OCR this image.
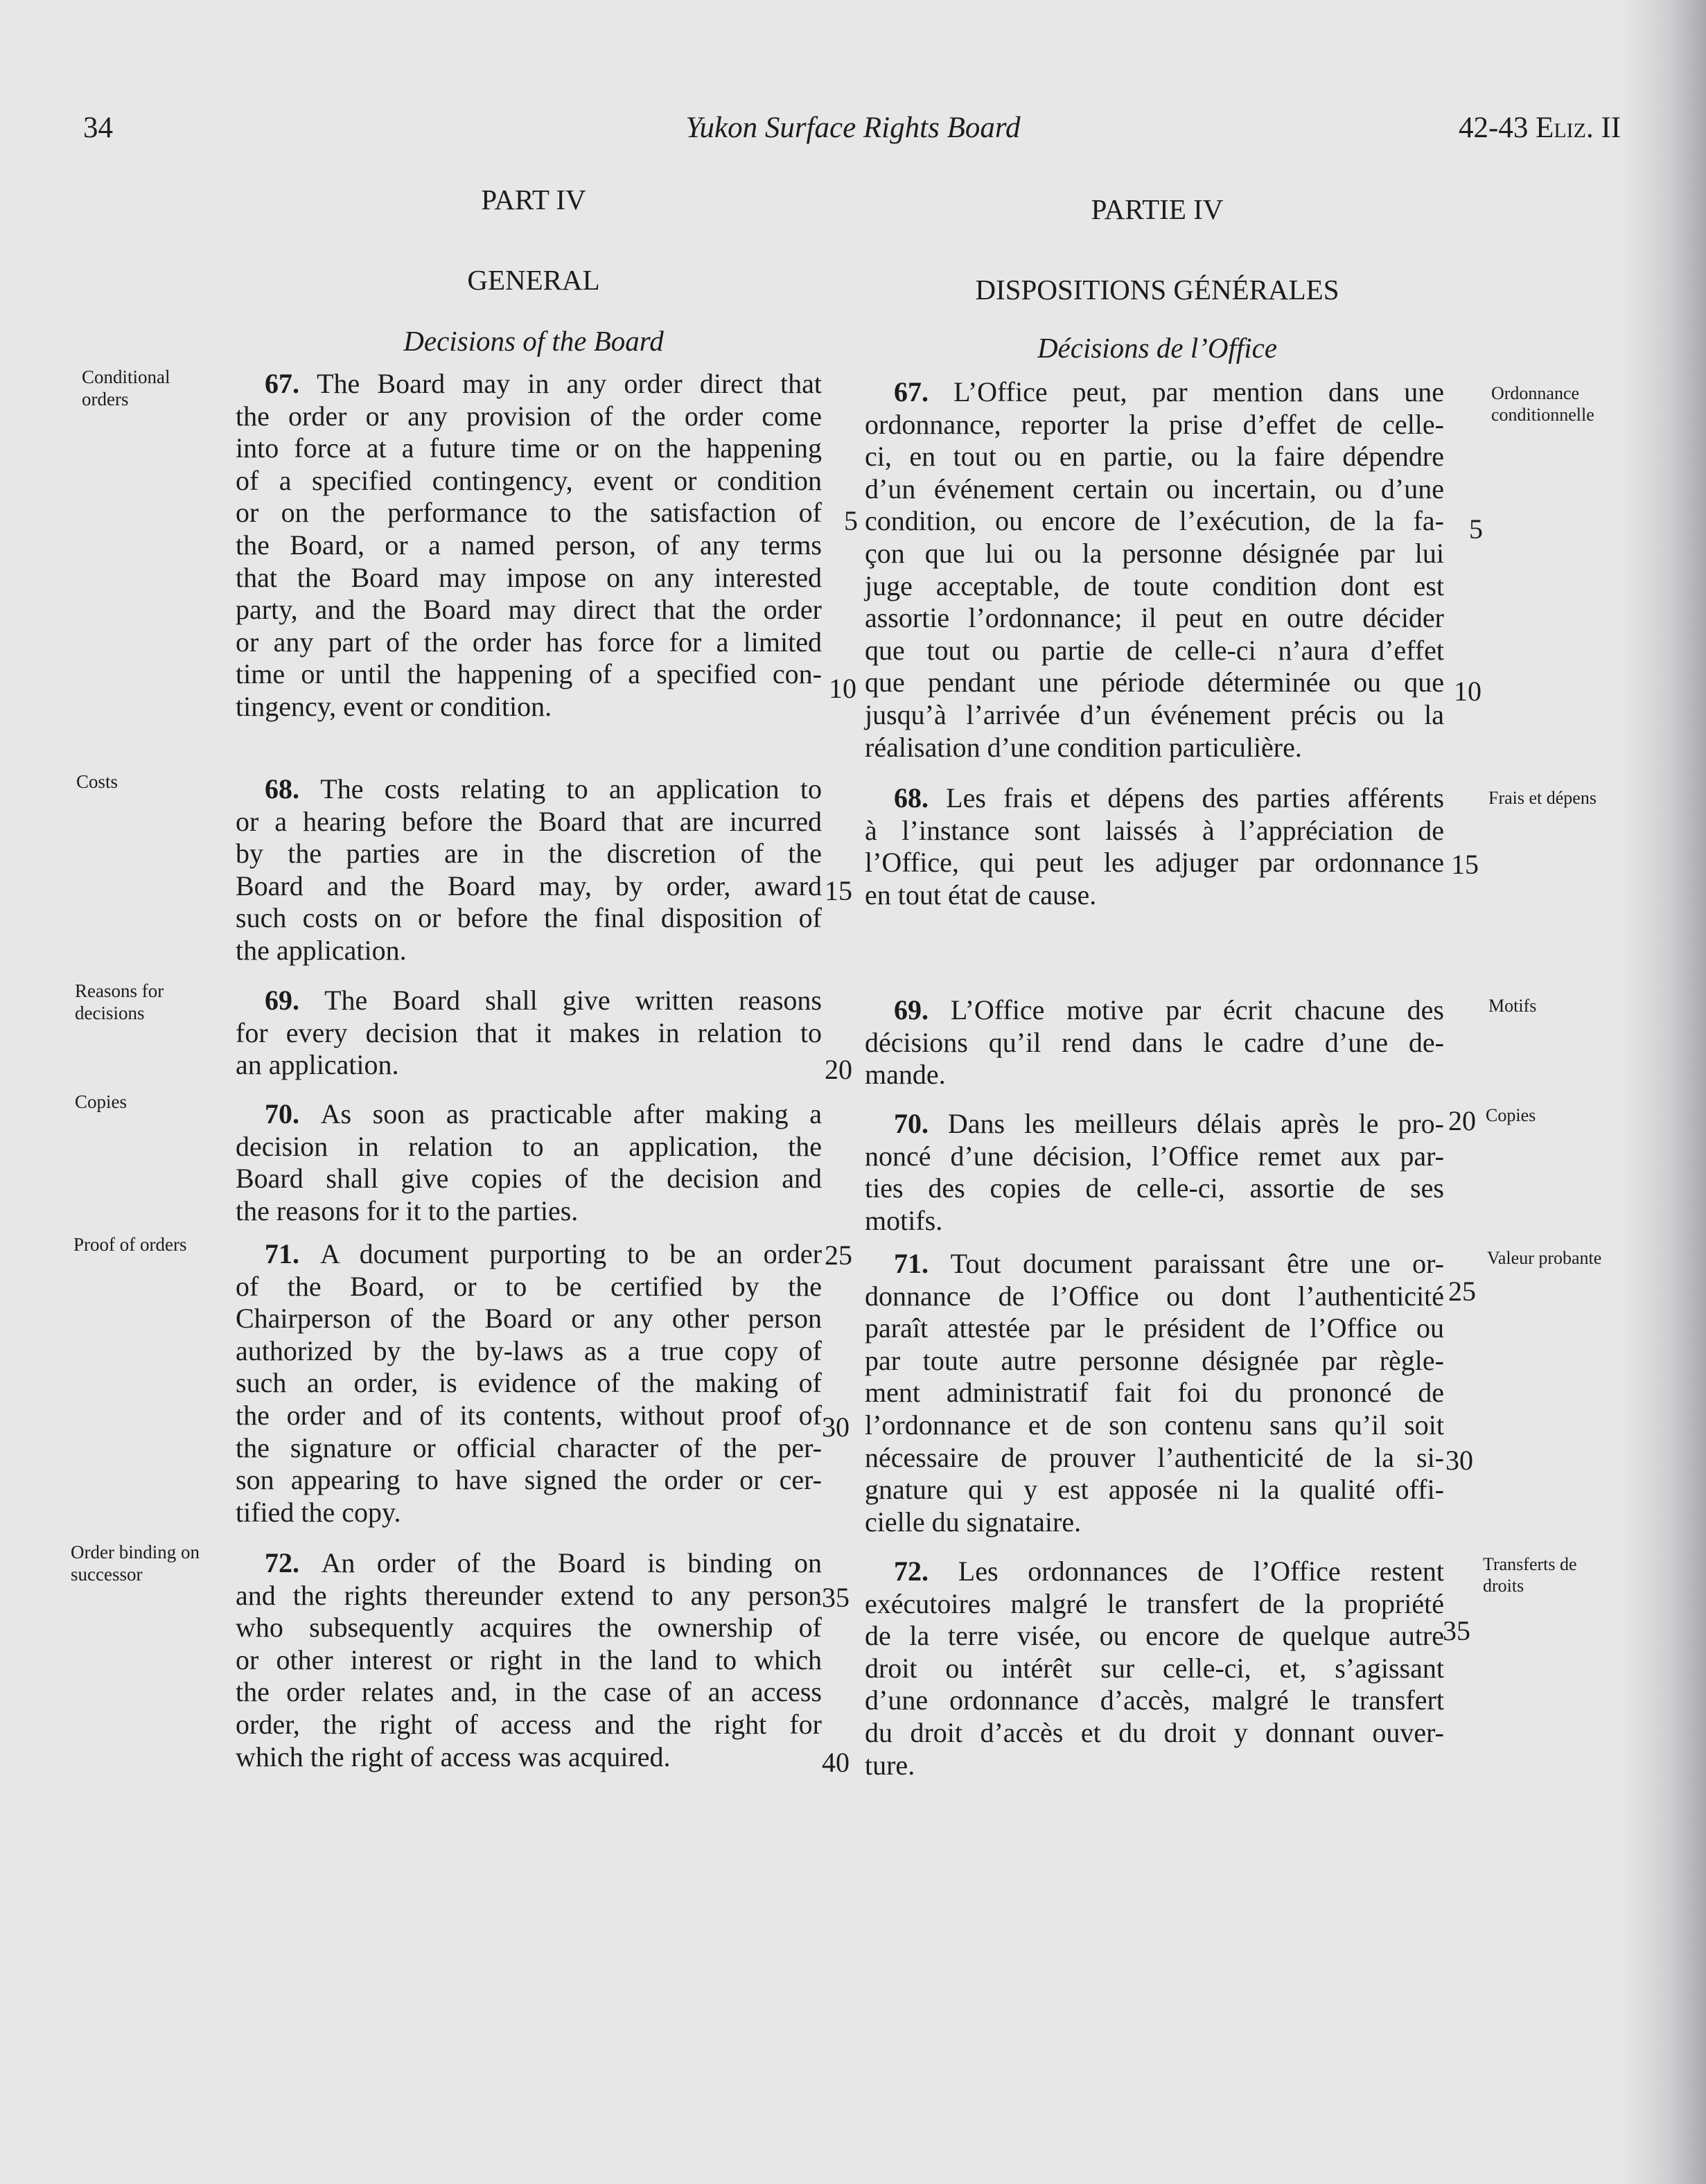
34	Yukon Surface Rights Board	42-43 Eliz. II
PART IV
GENERAL
Decisions of the Board
PARTIE IV
DISPOSITIONS GÉNÉRALES
Décisions de l’Office
67. The Board may in any order direct that
the order or any provision of the order come
into force at a future time or on the happening
of a specified contingency, event or condition
or on the performance to the satisfaction of
the Board, or a named person, of any terms
that the Board may impose on any interested
party, and the Board may direct that the order
or any part of the order has force for a limited
time or until the happening of a specified con-
tingency, event or condition.
68. The costs relating to an application to
or a hearing before the Board that are incurred
by the parties are in the discretion of the
Board and the Board may, by order, award
such costs on or before the final disposition of
the application.
69. The Board shall give written reasons
for every decision that it makes in relation to
an application.
70. As soon as practicable after making a
decision in relation to an application, the
Board shall give copies of the decision and
the reasons for it to the parties.
71. A document purporting to be an order
of the Board, or to be certified by the
Chairperson of the Board or any other person
authorized by the by-laws as a true copy of
such an order, is evidence of the making of
the order and of its contents, without proof of
the signature or official character of the per-
son appearing to have signed the order or cer-
tified the copy.
72. An order of the Board is binding on
and the rights thereunder extend to any person
who subsequently acquires the ownership of
or other interest or right in the land to which
the order relates and, in the case of an access
order, the right of access and the right for
which the right of access was acquired.
67. L’Office peut, par mention dans une
ordonnance, reporter la prise d’effet de celle-
ci, en tout ou en partie, ou la faire dépendre
d’un événement certain ou incertain, ou d’une
condition, ou encore de l’exécution, de la fa-
çon que lui ou la personne désignée par lui
juge acceptable, de toute condition dont est
assortie l’ordonnance; il peut en outre décider
que tout ou partie de celle-ci n’aura d’effet
que pendant une période déterminée ou que
jusqu’à l’arrivée d’un événement précis ou la
réalisation d’une condition particulière.
68. Les frais et dépens des parties afférents
à l’instance sont laissés à l’appréciation de
l’Office, qui peut les adjuger par ordonnance
en tout état de cause.
69. L’Office motive par écrit chacune des
décisions qu’il rend dans le cadre d’une de-
mande.
70. Dans les meilleurs délais après le pro-
noncé d’une décision, l’Office remet aux par-
ties des copies de celle-ci, assortie de ses
motifs.
71. Tout document paraissant être une or-
donnance de l’Office ou dont l’authenticité
paraît attestée par le président de l’Office ou
par toute autre personne désignée par règle-
ment administratif fait foi du prononcé de
l’ordonnance et de son contenu sans qu’il soit
nécessaire de prouver l’authenticité de la si-
gnature qui y est apposée ni la qualité offi-
cielle du signataire.
72. Les ordonnances de l’Office restent
exécutoires malgré le transfert de la propriété
de la terre visée, ou encore de quelque autre
droit ou intérêt sur celle-ci, et, s’agissant
d’une ordonnance d’accès, malgré le transfert
du droit d’accès et du droit y donnant ouver-
ture.
Conditional orders
Costs
Reasons for decisions
Copies
Proof of orders
Order binding on successor
Ordonnance conditionnelle
Frais et dépens
Motifs
Copies
Valeur probante
Transferts de droits
5
10
15
20
25
30
35
40
5
10
15
20
25
30
35
